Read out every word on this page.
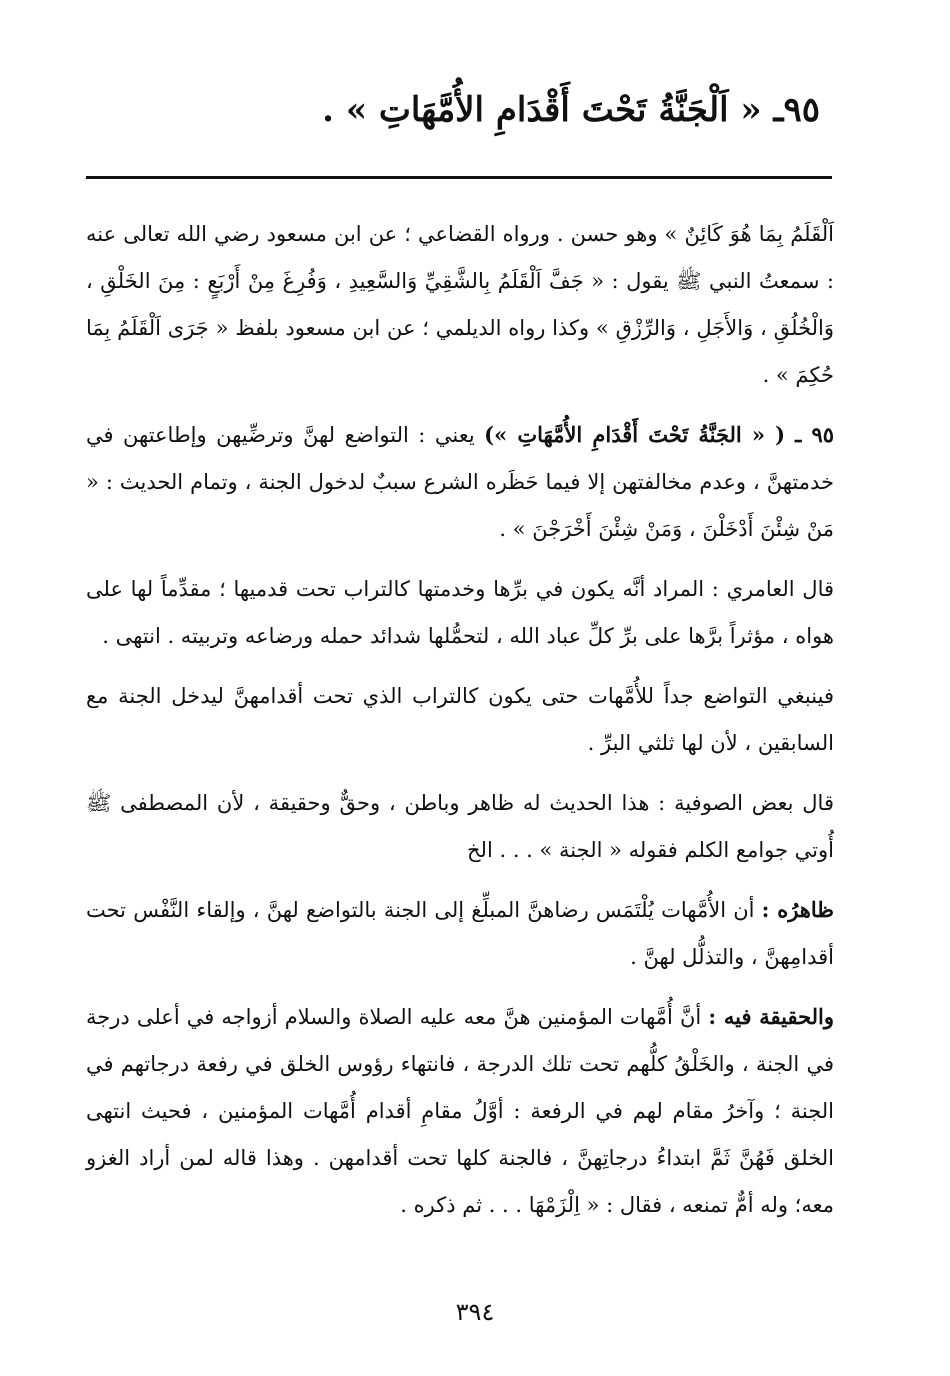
٩٥ـ « اَلْجَنَّةُ تَحْتَ أَقْدَامِ الأُمَّهَاتِ » .

اَلْقَلَمُ بِمَا هُوَ كَائِنٌ » وهو حسن . ورواه القضاعي ؛ عن ابن مسعود رضي الله تعالى عنه : سمعتُ النبي ﷺ يقول : « جَفَّ اَلْقَلَمُ بِالشَّقِيِّ وَالسَّعِيدِ ، وَفُرِغَ مِنْ أَرْبَعٍ : مِنَ الخَلْقِ ، وَالْخُلُقِ ، وَالأَجَلِ ، وَالرِّزْقِ » وكذا رواه الديلمي ؛ عن ابن مسعود بلفظ « جَرَى اَلْقَلَمُ بِمَا حُكِمَ » .

٩٥ ـ ( « الجَنَّةُ تَحْتَ أَقْدَامِ الأُمَّهَاتِ ») يعني : التواضع لهنَّ وترضِّيهن وإطاعتهن في خدمتهنَّ ، وعدم مخالفتهن إلا فيما حَظَره الشرع سببٌ لدخول الجنة ، وتمام الحديث : « مَنْ شِئْنَ أَدْخَلْنَ ، وَمَنْ شِئْنَ أَخْرَجْنَ » .

قال العامري : المراد أنَّه يكون في برِّها وخدمتها كالتراب تحت قدميها ؛ مقدِّماً لها على هواه ، مؤثراً برَّها على برِّ كلِّ عباد الله ، لتحمُّلها شدائد حمله ورضاعه وتربيته . انتهى .

فينبغي التواضع جداً للأُمَّهات حتى يكون كالتراب الذي تحت أقدامهنَّ ليدخل الجنة مع السابقين ، لأن لها ثلثي البرِّ .

قال بعض الصوفية : هذا الحديث له ظاهر وباطن ، وحقٌّ وحقيقة ، لأن المصطفى ﷺ أُوتي جوامع الكلم فقوله « الجنة » . . . الخ

ظاهرُه : أن الأُمَّهات يُلْتَمَس رضاهنَّ المبلِّغ إلى الجنة بالتواضع لهنَّ ، وإلقاء النَّفْس تحت أقدامِهنَّ ، والتذلُّل لهنَّ .

والحقيقة فيه : أنَّ أُمَّهات المؤمنين هنَّ معه عليه الصلاة والسلام أزواجه في أعلى درجة في الجنة ، والخَلْقُ كلُّهم تحت تلك الدرجة ، فانتهاء رؤوس الخلق في رفعة درجاتهم في الجنة ؛ وآخرُ مقام لهم في الرفعة : أوَّلُ مقامِ أقدام أُمَّهات المؤمنين ، فحيث انتهى الخلق فَهُنَّ ثَمَّ ابتداءُ درجاتِهنَّ ، فالجنة كلها تحت أقدامهن . وهذا قاله لمن أراد الغزو معه؛ وله أمٌّ تمنعه ، فقال : « اِلْزَمْهَا . . . ثم ذكره .

٣٩٤
